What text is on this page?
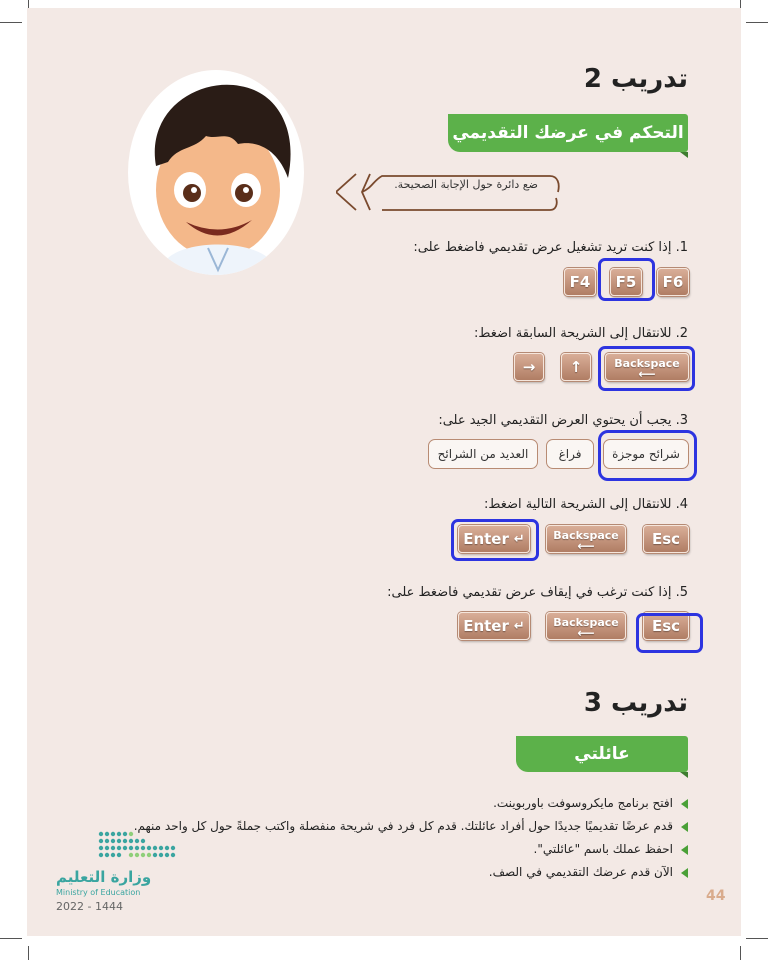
تدريب 2
التحكم في عرضك التقديمي
ضع دائرة حول الإجابة الصحيحة.
1. إذا كنت تريد تشغيل عرض تقديمي فاضغط على:
F6
F5
F4
2. للانتقال إلى الشريحة السابقة اضغط:
Backspace
⟵
↑
→
3. يجب أن يحتوي العرض التقديمي الجيد على:
شرائح موجزة
فراغ
العديد من الشرائح
4. للانتقال إلى الشريحة التالية اضغط:
Esc
Backspace
⟵
Enter ↵
5. إذا كنت ترغب في إيقاف عرض تقديمي فاضغط على:
Esc
Backspace
⟵
Enter ↵
تدريب 3
عائلتي
افتح برنامج مايكروسوفت باوربوينت.
قدم عرضًا تقديميًا جديدًا حول أفراد عائلتك. قدم كل فرد في شريحة منفصلة واكتب جملةً حول كل واحد منهم.
احفظ عملك باسم "عائلتي".
الآن قدم عرضك التقديمي في الصف.
وزارة التعليم
Ministry of Education
2022 - 1444
44
